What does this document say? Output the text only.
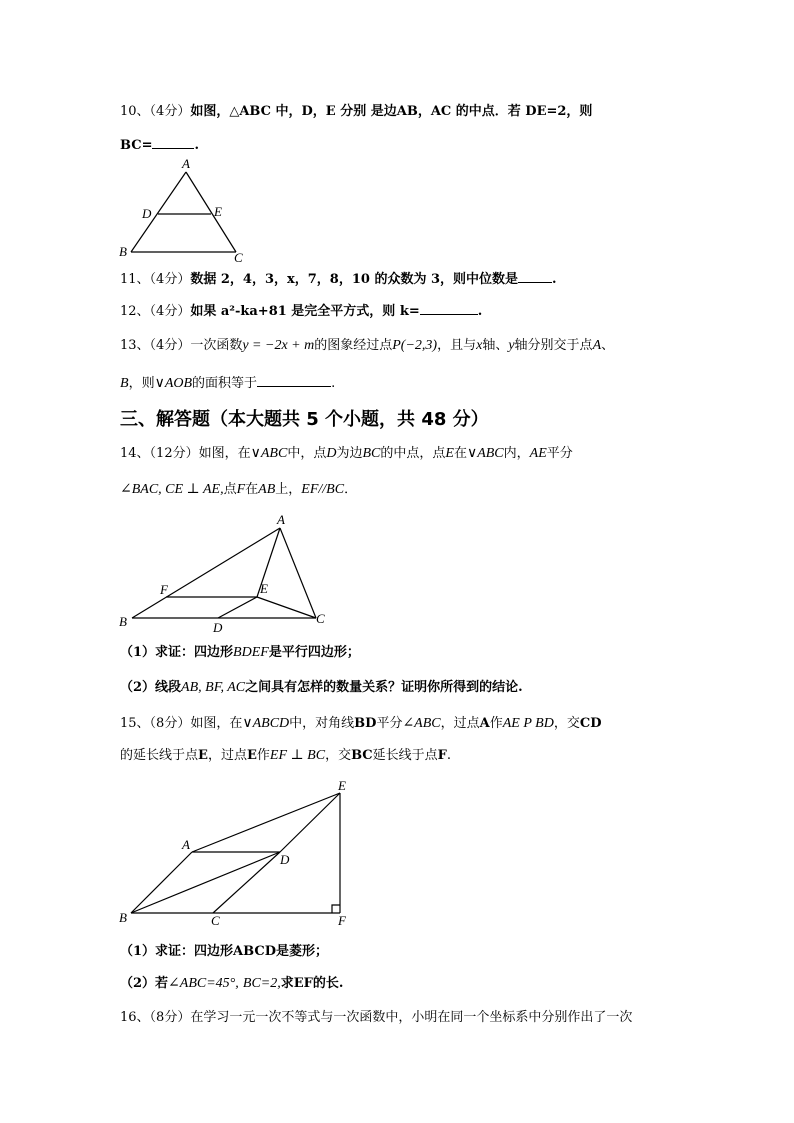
10、（4分）如图，△ABC 中，D，E 分别 是边AB，AC 的中点．若 DE=2，则
BC=	.
A
D	E
B	C
A
F	E
B	D
C
E
A
D
B	C	F
11、（4分）数据 2，4，3，x，7，8，10 的众数为 3，则中位数是	.
12、（4分）如果 a²-ka+81 是完全平方式，则 k=	.
13、（4分）一次函数y = −2x + m的图象经过点P(−2,3)，且与x轴、y轴分别交于点A、
B，则∨AOB的面积等于	.
三、解答题（本大题共 5 个小题，共 48 分）
14、（12分）如图，在∨ABC中，点D为边BC的中点，点E在∨ABC内，AE平分
∠BAC, CE ⊥ AE,点F在AB上，EF//BC．
（1）求证：四边形BDEF是平行四边形；
（2）线段AB, BF, AC之间具有怎样的数量关系？证明你所得到的结论.
15、（8分）如图，在∨ABCD中，对角线BD平分∠ABC，过点A作AE P BD，交CD
的延长线于点E，过点E作EF ⊥ BC，交BC延长线于点F.
（1）求证：四边形ABCD是菱形；
（2）若∠ABC=45°, BC=2,求EF的长.
16、（8分）在学习一元一次不等式与一次函数中，小明在同一个坐标系中分别作出了一次
